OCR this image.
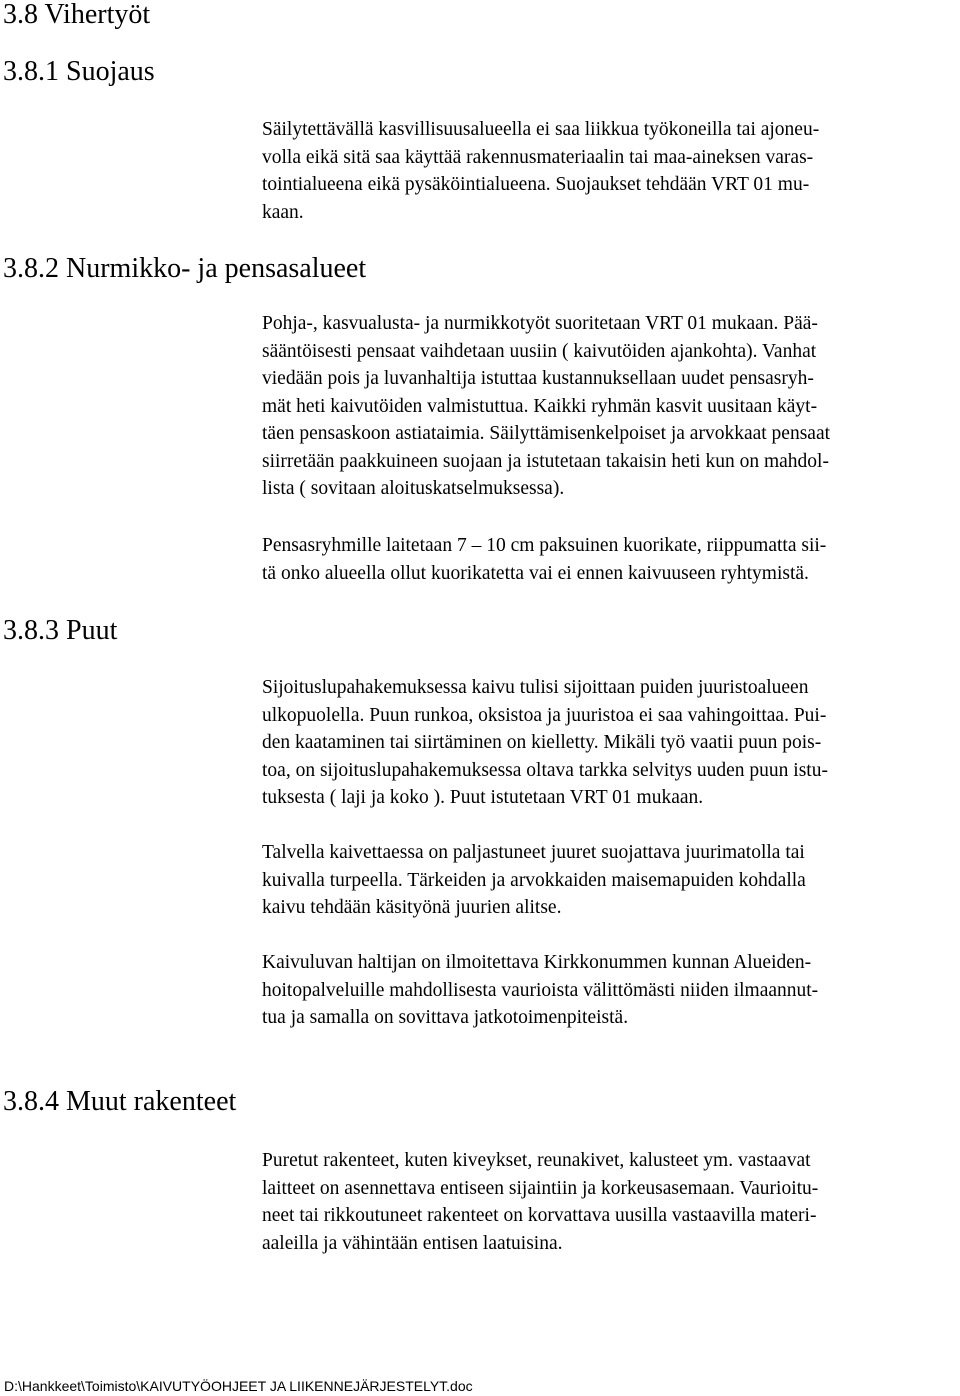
3.8 Vihertyöt
3.8.1 Suojaus
Säilytettävällä kasvillisuusalueella ei saa liikkua työkoneilla tai ajoneu-
volla eikä sitä saa käyttää rakennusmateriaalin tai maa-aineksen varas-
tointialueena eikä pysäköintialueena. Suojaukset tehdään VRT 01 mu-
kaan.
3.8.2 Nurmikko- ja pensasalueet
Pohja-, kasvualusta- ja nurmikkotyöt suoritetaan VRT 01 mukaan. Pää-
sääntöisesti pensaat vaihdetaan uusiin ( kaivutöiden ajankohta). Vanhat
viedään pois ja luvanhaltija istuttaa kustannuksellaan uudet pensasryh-
mät heti kaivutöiden valmistuttua. Kaikki ryhmän kasvit uusitaan käyt-
täen pensaskoon astiataimia. Säilyttämisenkelpoiset ja arvokkaat pensaat
siirretään paakkuineen suojaan ja istutetaan takaisin heti kun on mahdol-
lista ( sovitaan aloituskatselmuksessa).
Pensasryhmille laitetaan 7 – 10 cm paksuinen kuorikate, riippumatta sii-
tä onko alueella ollut kuorikatetta vai ei ennen kaivuuseen ryhtymistä.
3.8.3 Puut
Sijoituslupahakemuksessa kaivu tulisi sijoittaan puiden juuristoalueen
ulkopuolella. Puun runkoa, oksistoa ja juuristoa ei saa vahingoittaa. Pui-
den kaataminen tai siirtäminen on kielletty. Mikäli työ vaatii puun pois-
toa, on sijoituslupahakemuksessa oltava tarkka selvitys uuden puun istu-
tuksesta ( laji ja koko ). Puut istutetaan VRT 01 mukaan.
Talvella kaivettaessa on paljastuneet juuret suojattava juurimatolla tai
kuivalla turpeella. Tärkeiden ja arvokkaiden maisemapuiden kohdalla
kaivu tehdään käsityönä juurien alitse.
Kaivuluvan haltijan on ilmoitettava Kirkkonummen kunnan Alueiden-
hoitopalveluille mahdollisesta vaurioista välittömästi niiden ilmaannut-
tua ja samalla on sovittava jatkotoimenpiteistä.
3.8.4 Muut rakenteet
Puretut rakenteet, kuten kiveykset, reunakivet, kalusteet ym. vastaavat
laitteet on asennettava entiseen sijaintiin ja korkeusasemaan. Vaurioitu-
neet tai rikkoutuneet rakenteet on korvattava uusilla vastaavilla materi-
aaleilla ja vähintään entisen laatuisina.
D:\Hankkeet\Toimisto\KAIVUTYÖOHJEET JA LIIKENNEJÄRJESTELYT.doc
